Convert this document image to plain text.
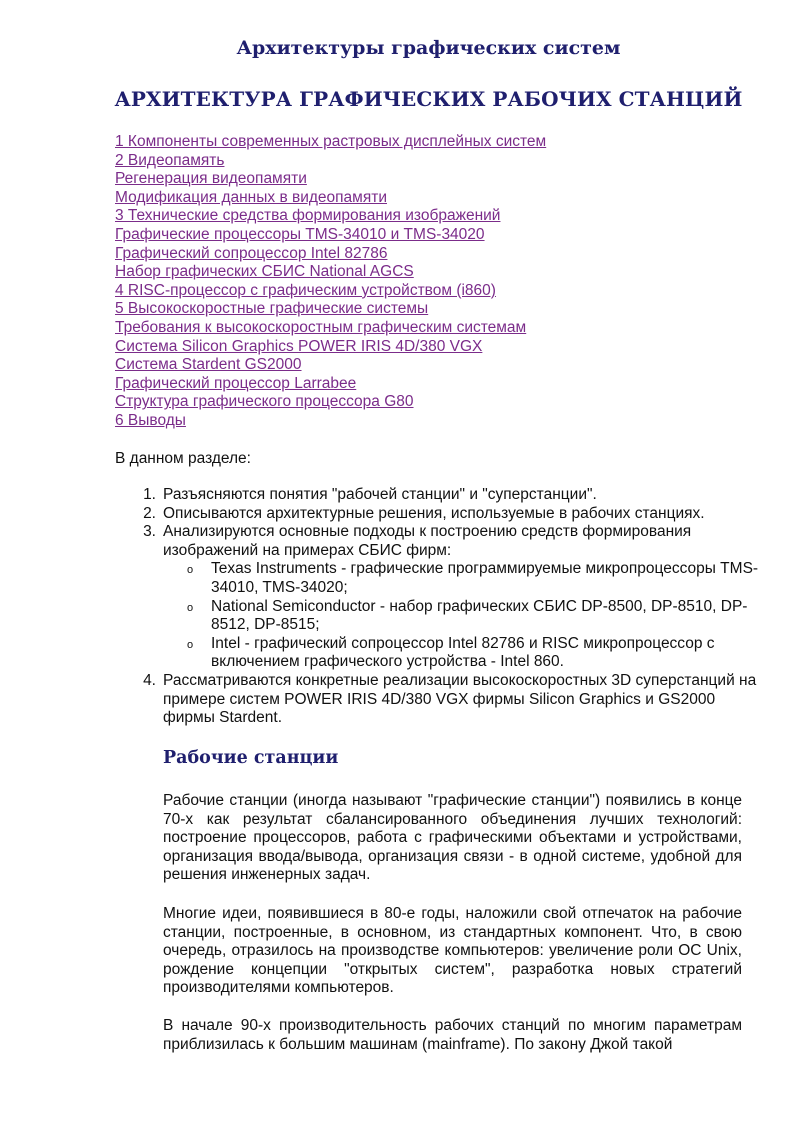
Архитектуры графических систем
АРХИТЕКТУРА ГРАФИЧЕСКИХ РАБОЧИХ СТАНЦИЙ
1 Компоненты современных растровых дисплейных систем
2 Видеопамять
Регенерация видеопамяти
Модификация данных в видеопамяти
3 Технические средства формирования изображений
Графические процессоры TMS-34010 и TMS-34020
Графический сопроцессор Intel 82786
Набор графических СБИС National AGCS
4 RISC-процессор с графическим устройством (i860)
5 Высокоскоростные графические системы
Требования к высокоскоростным графическим системам
Система Silicon Graphics POWER IRIS 4D/380 VGX
Система Stardent GS2000
Графический процессор Larrabee
Структура графического процессора G80
6 Выводы

В данном разделе:

1. Разъясняются понятия "рабочей станции" и "суперстанции".
2. Описываются архитектурные решения, используемые в рабочих станциях.
3. Анализируются основные подходы к построению средств формирования изображений на примерах СБИС фирм:
o Texas Instruments - графические программируемые микропроцессоры TMS-34010, TMS-34020;
o National Semiconductor - набор графических СБИС DP-8500, DP-8510, DP-8512, DP-8515;
o Intel - графический сопроцессор Intel 82786 и RISC микропроцессор с включением графического устройства - Intel 860.
4. Рассматриваются конкретные реализации высокоскоростных 3D суперстанций на примере систем POWER IRIS 4D/380 VGX фирмы Silicon Graphics и GS2000 фирмы Stardent.
Рабочие станции

Рабочие станции (иногда называют "графические станции") появились в конце 70-х как результат сбалансированного объединения лучших технологий: построение процессоров, работа с графическими объектами и устройствами, организация ввода/вывода, организация связи - в одной системе, удобной для решения инженерных задач.

Многие идеи, появившиеся в 80-е годы, наложили свой отпечаток на рабочие станции, построенные, в основном, из стандартных компонент. Что, в свою очередь, отразилось на производстве компьютеров: увеличение роли ОС Unix, рождение концепции "открытых систем", разработка новых стратегий производителями компьютеров.

В начале 90-х производительность рабочих станций по многим параметрам приблизилась к большим машинам (mainframe). По закону Джой такой
